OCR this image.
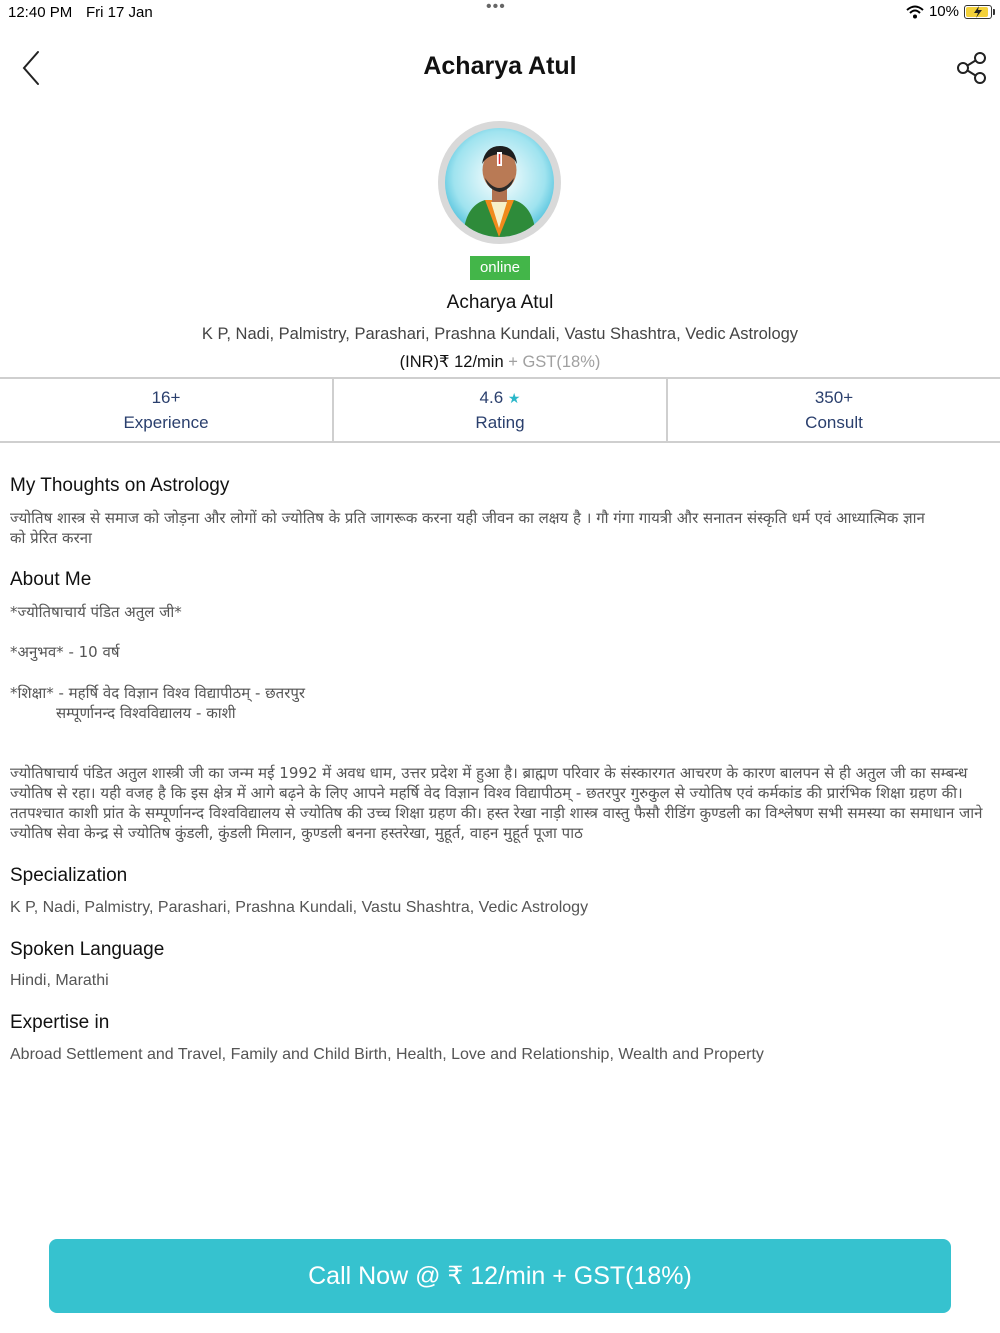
12:40 PM Fri 17 Jan	•••	10%
Acharya Atul
online
Acharya Atul
K P, Nadi, Palmistry, Parashari, Prashna Kundali, Vastu Shashtra, Vedic Astrology
(INR)₹ 12/min + GST(18%)
16+
Experience
4.6 ★
Rating
350+
Consult
My Thoughts on Astrology
ज्योतिष शास्त्र से समाज को जोड़ना और लोगों को ज्योतिष के प्रति जागरूक करना यही जीवन का लक्षय है । गौ गंगा गायत्री और सनातन संस्कृति धर्म एवं आध्यात्मिक ज्ञान को प्रेरित करना
About Me
*ज्योतिषाचार्य पंडित अतुल जी*
*अनुभव* - 10 वर्ष
*शिक्षा* - महर्षि वेद विज्ञान विश्व विद्यापीठम् - छतरपुर
सम्पूर्णानन्द विश्वविद्यालय - काशी
ज्योतिषाचार्य पंडित अतुल शास्त्री जी का जन्म मई 1992 में अवध धाम, उत्तर प्रदेश में हुआ है। ब्राह्मण परिवार के संस्कारगत आचरण के कारण बालपन से ही अतुल जी का सम्बन्ध ज्योतिष से रहा। यही वजह है कि इस क्षेत्र में आगे बढ़ने के लिए आपने महर्षि वेद विज्ञान विश्व विद्यापीठम् - छतरपुर गुरुकुल से ज्योतिष एवं कर्मकांड की प्रारंभिक शिक्षा ग्रहण की। ततपश्चात काशी प्रांत के सम्पूर्णानन्द विश्वविद्यालय से ज्योतिष की उच्च शिक्षा ग्रहण की। हस्त रेखा नाड़ी शास्त्र वास्तु फैसौ रीडिंग कुण्डली का विश्लेषण सभी समस्या का समाधान जाने ज्योतिष सेवा केन्द्र से ज्योतिष कुंडली, कुंडली मिलान, कुण्डली बनना हस्तरेखा, मुहूर्त, वाहन मुहूर्त पूजा पाठ
Specialization
K P, Nadi, Palmistry, Parashari, Prashna Kundali, Vastu Shashtra, Vedic Astrology
Spoken Language
Hindi, Marathi
Expertise in
Abroad Settlement and Travel, Family and Child Birth, Health, Love and Relationship, Wealth and Property
Call Now @ ₹ 12/min + GST(18%)
